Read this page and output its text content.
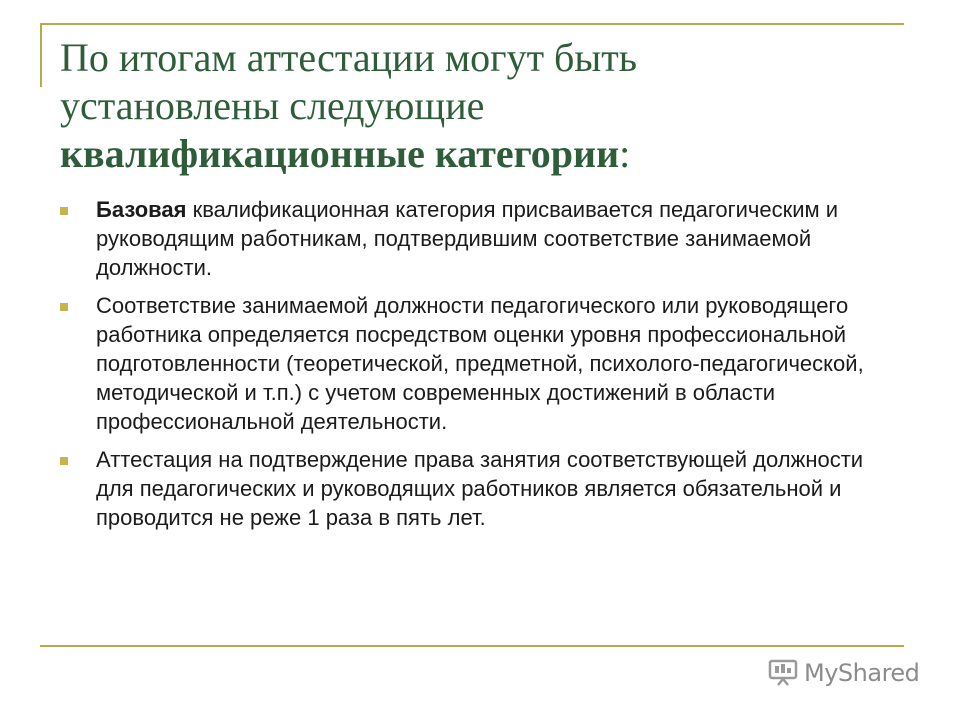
По итогам аттестации могут быть
установлены следующие
квалификационные категории:
Базовая квалификационная категория присваивается педагогическим и руководящим работникам, подтвердившим соответствие занимаемой должности.
Соответствие занимаемой должности педагогического или руководящего работника определяется посредством оценки уровня профессиональной подготовленности (теоретической, предметной, психолого-педагогической, методической и т.п.) с учетом современных достижений в области профессиональной деятельности.
Аттестация на подтверждение права занятия соответствующей должности для педагогических и руководящих работников является обязательной и проводится не реже 1 раза в пять лет.
MyShared
